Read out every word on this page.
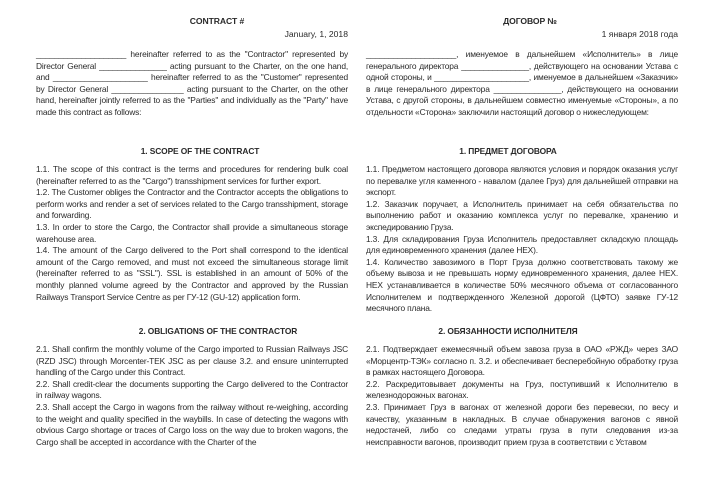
CONTRACT #
January, 1, 2018

____________________ hereinafter referred to as the "Contractor" represented by Director General _______________ acting pursuant to the Charter, on the one hand, and _____________________ hereinafter referred to as the "Customer" represented by Director General ________________ acting pursuant to the Charter, on the other hand, hereinafter jointly referred to as the "Parties" and individually as the "Party" have made this contract as follows:

1. SCOPE OF THE CONTRACT

1.1. The scope of this contract is the terms and procedures for rendering bulk coal (hereinafter referred to as the "Cargo") transshipment services for further export.

1.2. The Customer obliges the Contractor and the Contractor accepts the obligations to perform works and render a set of services related to the Cargo transshipment, storage and forwarding.

1.3. In order to store the Cargo, the Contractor shall provide a simultaneous storage warehouse area.

1.4. The amount of the Cargo delivered to the Port shall correspond to the identical amount of the Cargo removed, and must not exceed the simultaneous storage limit (hereinafter referred to as "SSL"). SSL is established in an amount of 50% of the monthly planned volume agreed by the Contractor and approved by the Russian Railways Transport Service Centre as per ГУ-12 (GU-12) application form.

2. OBLIGATIONS OF THE CONTRACTOR

2.1. Shall confirm the monthly volume of the Cargo imported to Russian Railways JSC (RZD JSC) through Morcenter-TEK JSC as per clause 3.2. and ensure uninterrupted handling of the Cargo under this Contract.

2.2. Shall credit-clear the documents supporting the Cargo delivered to the Contractor in railway wagons.

2.3. Shall accept the Cargo in wagons from the railway without re-weighing, according to the weight and quality specified in the waybills. In case of detecting the wagons with obvious Cargo shortage or traces of Cargo loss on the way due to broken wagons, the Cargo shall be accepted in accordance with the Charter of the

ДОГОВОР №
1 января 2018 года

____________________, именуемое в дальнейшем «Исполнитель» в лице генерального директора _______________, действующего на основании Устава с одной стороны, и _____________________, именуемое в дальнейшем «Заказчик» в лице генерального директора _______________, действующего на основании Устава, с другой стороны, в дальнейшем совместно именуемые «Стороны», а по отдельности «Сторона» заключили настоящий договор о нижеследующем:

1. ПРЕДМЕТ ДОГОВОРА

1.1. Предметом настоящего договора являются условия и порядок оказания услуг по перевалке угля каменного - навалом (далее Груз) для дальнейшей отправки на экспорт.

1.2. Заказчик поручает, а Исполнитель принимает на себя обязательства по выполнению работ и оказанию комплекса услуг по перевалке, хранению и экспедированию Груза.

1.3. Для складирования Груза Исполнитель предоставляет складскую площадь для единовременного хранения (далее НЕХ).

1.4. Количество завозимого в Порт Груза должно соответствовать такому же объему вывоза и не превышать норму единовременного хранения, далее НЕХ. НЕХ устанавливается в количестве 50% месячного объема от согласованного Исполнителем и подтвержденного Железной дорогой (ЦФТО) заявке ГУ-12 месячного плана.

2. ОБЯЗАННОСТИ ИСПОЛНИТЕЛЯ

2.1. Подтверждает ежемесячный объем завоза груза в ОАО «РЖД» через ЗАО «Морцентр-ТЭК» согласно п. 3.2. и обеспечивает бесперебойную обработку груза в рамках настоящего Договора.

2.2. Раскредитовывает документы на Груз, поступивший к Исполнителю в железнодорожных вагонах.

2.3. Принимает Груз в вагонах от железной дороги без перевески, по весу и качеству, указанным в накладных. В случае обнаружения вагонов с явной недостачей, либо со следами утраты груза в пути следования из-за неисправности вагонов, производит прием груза в соответствии с Уставом
